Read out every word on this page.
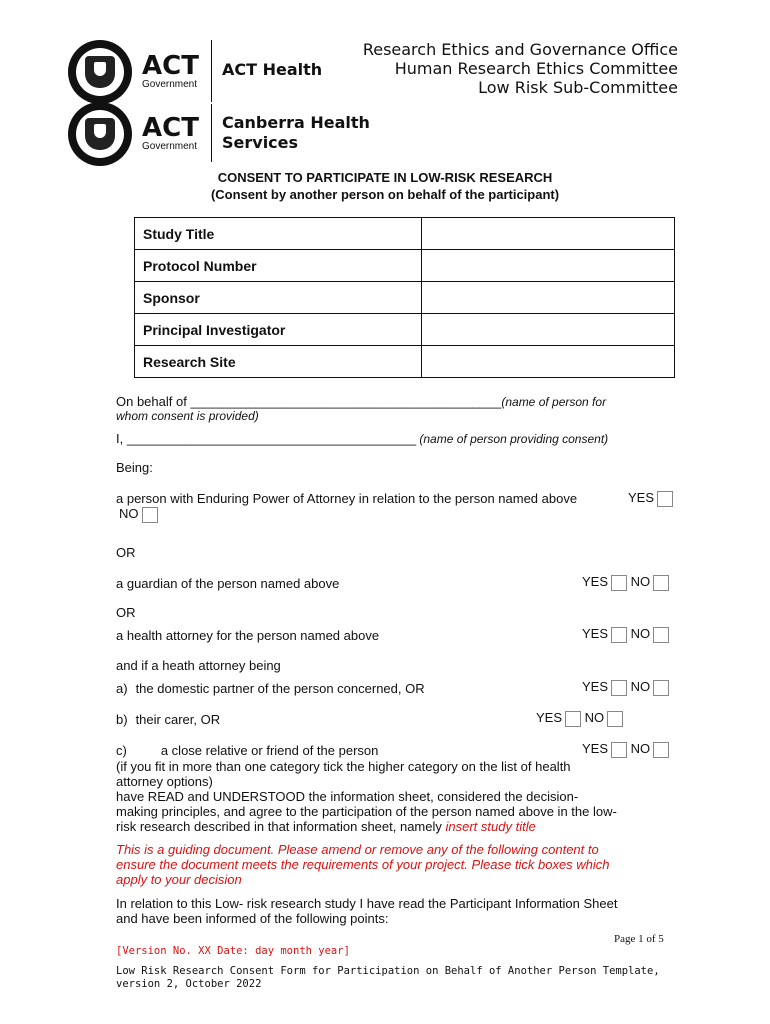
ACT
Government
ACT Health
ACT
Government
Canberra Health
Services
Research Ethics and Governance Office
Human Research Ethics Committee
Low Risk Sub-Committee
CONSENT TO PARTICIPATE IN LOW-RISK RESEARCH
(Consent by another person on behalf of the participant)
Study Title	
Protocol Number	
Sponsor	
Principal Investigator	
Research Site	
On behalf of ___________________________________________(name of person for
whom consent is provided)
I, ________________________________________ (name of person providing consent)
Being:
a person with Enduring Power of Attorney in relation to the person named above	YES
NO
OR
a guardian of the person named above	YES NO
OR
a health attorney for the person named above	YES NO
and if a heath attorney being
a) the domestic partner of the person concerned, OR	YES NO
b) their carer, OR	YES NO
c)	a close relative or friend of the person	YES NO
(if you fit in more than one category tick the higher category on the list of health
attorney options)
have READ and UNDERSTOOD the information sheet, considered the decision-
making principles, and agree to the participation of the person named above in the low-
risk research described in that information sheet, namely insert study title
This is a guiding document. Please amend or remove any of the following content to
ensure the document meets the requirements of your project. Please tick boxes which
apply to your decision
In relation to this Low- risk research study I have read the Participant Information Sheet
and have been informed of the following points:
Page 1 of 5
[Version No. XX Date: day month year]
Low Risk Research Consent Form for Participation on Behalf of Another Person Template,
version 2, October 2022
